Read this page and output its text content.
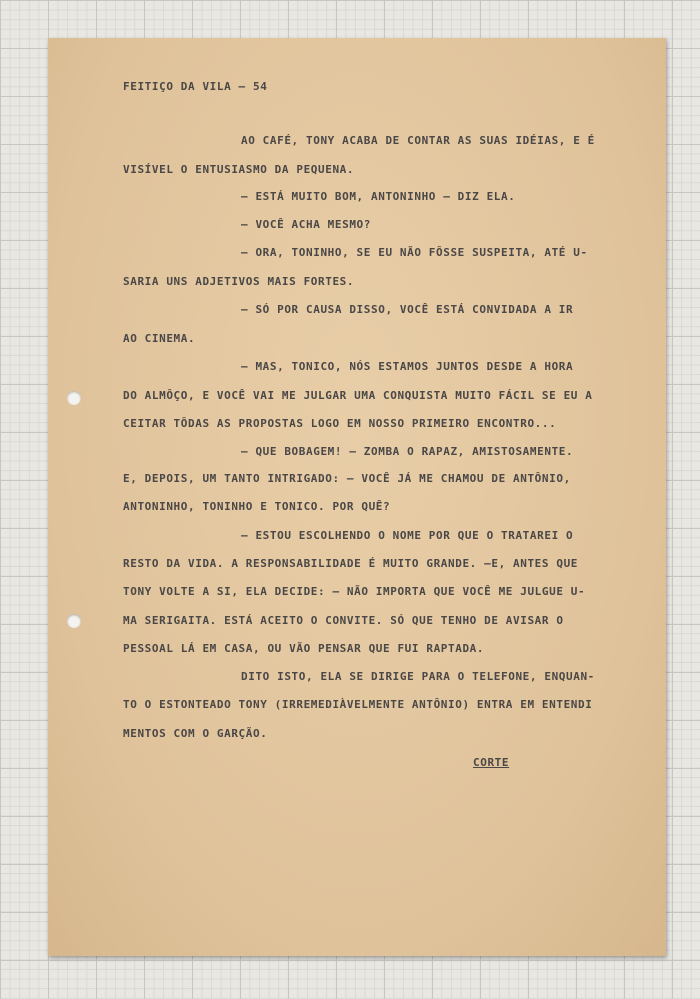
FEITIÇO DA VILA — 54

AO CAFÉ, TONY ACABA DE CONTAR AS SUAS IDÉIAS, E É

VISÍVEL O ENTUSIASMO DA PEQUENA.

— ESTÁ MUITO BOM, ANTONINHO — DIZ ELA.

— VOCÊ ACHA MESMO?

— ORA, TONINHO, SE EU NÃO FÔSSE SUSPEITA, ATÉ U-

SARIA UNS ADJETIVOS MAIS FORTES.

— SÓ POR CAUSA DISSO, VOCÊ ESTÁ CONVIDADA A IR

AO CINEMA.

— MAS, TONICO, NÓS ESTAMOS JUNTOS DESDE A HORA

DO ALMÔÇO, E VOCÊ VAI ME JULGAR UMA CONQUISTA MUITO FÁCIL SE EU A

CEITAR TÔDAS AS PROPOSTAS LOGO EM NOSSO PRIMEIRO ENCONTRO...

— QUE BOBAGEM! — ZOMBA O RAPAZ, AMISTOSAMENTE.

E, DEPOIS, UM TANTO INTRIGADO: — VOCÊ JÁ ME CHAMOU DE ANTÔNIO,

ANTONINHO, TONINHO E TONICO. POR QUÊ?

— ESTOU ESCOLHENDO O NOME POR QUE O TRATAREI O

RESTO DA VIDA. A RESPONSABILIDADE É MUITO GRANDE. —E, ANTES QUE

TONY VOLTE A SI, ELA DECIDE: — NÃO IMPORTA QUE VOCÊ ME JULGUE U-

MA SERIGAITA. ESTÁ ACEITO O CONVITE. SÓ QUE TENHO DE AVISAR O

PESSOAL LÁ EM CASA, OU VÃO PENSAR QUE FUI RAPTADA.

DITO ISTO, ELA SE DIRIGE PARA O TELEFONE, ENQUAN-

TO O ESTONTEADO TONY (IRREMEDIÀVELMENTE ANTÔNIO) ENTRA EM ENTENDI

MENTOS COM O GARÇÃO.

CORTE
